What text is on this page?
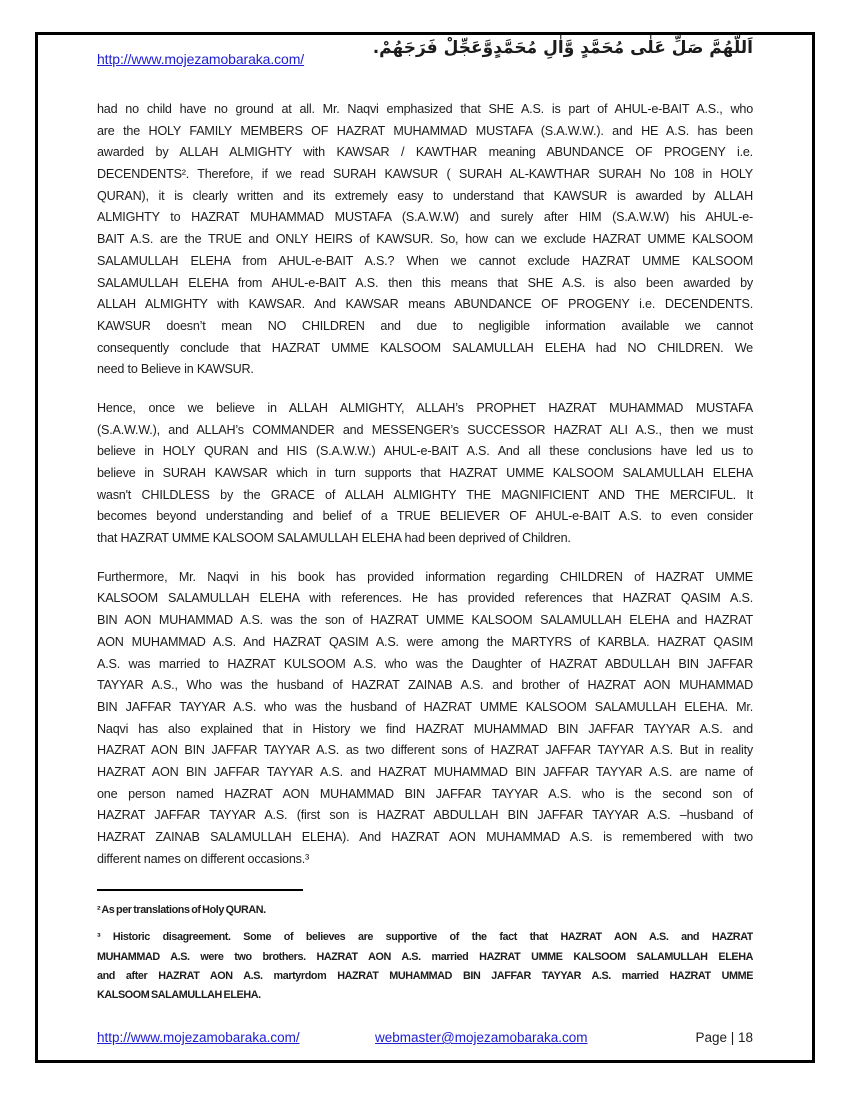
http://www.mojezamobaraka.com/
اَللَّهُمَّ صَلِّ عَلٰى مُحَمَّدٍ وَّاٰلِ مُحَمَّدٍوَّعَجِّلْ فَرَجَهُمْ.
had no child have no ground at all. Mr. Naqvi emphasized that SHE A.S. is part of AHUL-e-BAIT A.S., who
are the HOLY FAMILY MEMBERS OF HAZRAT MUHAMMAD MUSTAFA (S.A.W.W.). and HE A.S. has been
awarded by ALLAH ALMIGHTY with KAWSAR / KAWTHAR meaning ABUNDANCE OF PROGENY i.e.
DECENDENTS². Therefore, if we read SURAH KAWSUR ( SURAH AL-KAWTHAR SURAH No 108 in HOLY
QURAN), it is clearly written and its extremely easy to understand that KAWSUR is awarded by ALLAH
ALMIGHTY to HAZRAT MUHAMMAD MUSTAFA (S.A.W.W) and surely after HIM (S.A.W.W) his AHUL-e-
BAIT A.S. are the TRUE and ONLY HEIRS of KAWSUR. So, how can we exclude HAZRAT UMME KALSOOM
SALAMULLAH ELEHA from AHUL-e-BAIT A.S.? When we cannot exclude HAZRAT UMME KALSOOM
SALAMULLAH ELEHA from AHUL-e-BAIT A.S. then this means that SHE A.S. is also been awarded by
ALLAH ALMIGHTY with KAWSAR. And KAWSAR means ABUNDANCE OF PROGENY i.e. DECENDENTS.
KAWSUR doesn’t mean NO CHILDREN and due to negligible information available we cannot
consequently conclude that HAZRAT UMME KALSOOM SALAMULLAH ELEHA had NO CHILDREN. We
need to Believe in KAWSUR.
Hence, once we believe in ALLAH ALMIGHTY, ALLAH’s PROPHET HAZRAT MUHAMMAD MUSTAFA
(S.A.W.W.), and ALLAH’s COMMANDER and MESSENGER’s SUCCESSOR HAZRAT ALI A.S., then we must
believe in HOLY QURAN and HIS (S.A.W.W.) AHUL-e-BAIT A.S. And all these conclusions have led us to
believe in SURAH KAWSAR which in turn supports that HAZRAT UMME KALSOOM SALAMULLAH ELEHA
wasn't CHILDLESS by the GRACE of ALLAH ALMIGHTY THE MAGNIFICIENT AND THE MERCIFUL. It
becomes beyond understanding and belief of a TRUE BELIEVER OF AHUL-e-BAIT A.S. to even consider
that HAZRAT UMME KALSOOM SALAMULLAH ELEHA had been deprived of Children.
Furthermore, Mr. Naqvi in his book has provided information regarding CHILDREN of HAZRAT UMME
KALSOOM SALAMULLAH ELEHA with references. He has provided references that HAZRAT QASIM A.S.
BIN AON MUHAMMAD A.S. was the son of HAZRAT UMME KALSOOM SALAMULLAH ELEHA and HAZRAT
AON MUHAMMAD A.S. And HAZRAT QASIM A.S. were among the MARTYRS of KARBLA. HAZRAT QASIM
A.S. was married to HAZRAT KULSOOM A.S. who was the Daughter of HAZRAT ABDULLAH BIN JAFFAR
TAYYAR A.S., Who was the husband of HAZRAT ZAINAB A.S. and brother of HAZRAT AON MUHAMMAD
BIN JAFFAR TAYYAR A.S. who was the husband of HAZRAT UMME KALSOOM SALAMULLAH ELEHA. Mr.
Naqvi has also explained that in History we find HAZRAT MUHAMMAD BIN JAFFAR TAYYAR A.S. and
HAZRAT AON BIN JAFFAR TAYYAR A.S. as two different sons of HAZRAT JAFFAR TAYYAR A.S. But in reality
HAZRAT AON BIN JAFFAR TAYYAR A.S. and HAZRAT MUHAMMAD BIN JAFFAR TAYYAR A.S. are name of
one person named HAZRAT AON MUHAMMAD BIN JAFFAR TAYYAR A.S. who is the second son of
HAZRAT JAFFAR TAYYAR A.S. (first son is HAZRAT ABDULLAH BIN JAFFAR TAYYAR A.S. –husband of
HAZRAT ZAINAB SALAMULLAH ELEHA). And HAZRAT AON MUHAMMAD A.S. is remembered with two
different names on different occasions.³
² As per translations of Holy QURAN.
³ Historic disagreement. Some of believes are supportive of the fact that HAZRAT AON A.S. and HAZRAT
MUHAMMAD A.S. were two brothers. HAZRAT AON A.S. married HAZRAT UMME KALSOOM SALAMULLAH ELEHA
and after HAZRAT AON A.S. martyrdom HAZRAT MUHAMMAD BIN JAFFAR TAYYAR A.S. married HAZRAT UMME
KALSOOM SALAMULLAH ELEHA.
http://www.mojezamobaraka.com/	webmaster@mojezamobaraka.com	Page | 18
